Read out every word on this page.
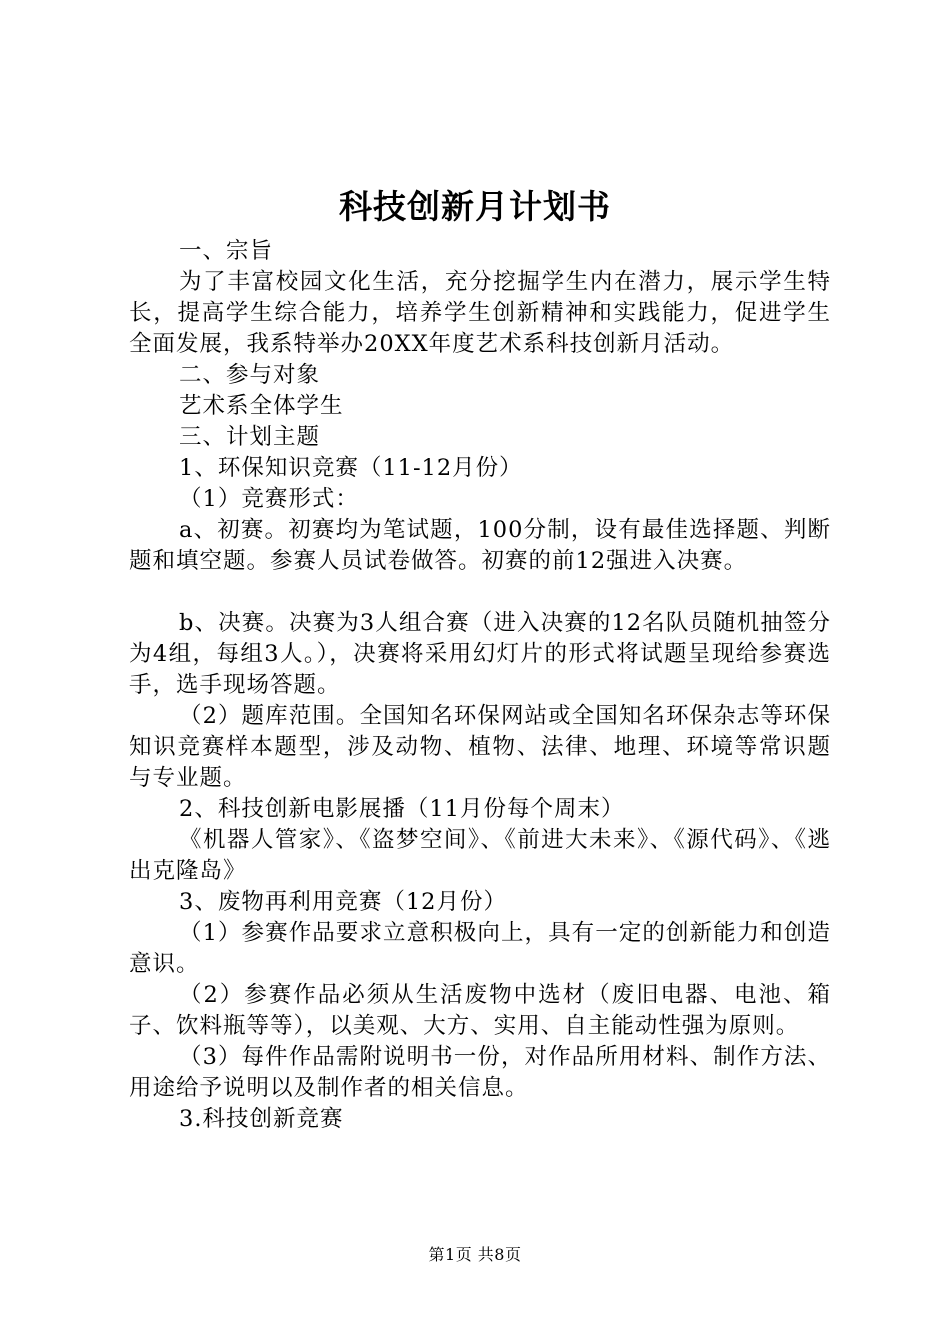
科技创新月计划书

一、宗旨

为了丰富校园文化生活，充分挖掘学生内在潜力，展示学生特长，提高学生综合能力，培养学生创新精神和实践能力，促进学生全面发展，我系特举办20XX年度艺术系科技创新月活动。

二、参与对象

艺术系全体学生

三、计划主题

1、环保知识竞赛（11-12月份）

（1）竞赛形式：

a、初赛。初赛均为笔试题，100分制，设有最佳选择题、判断题和填空题。参赛人员试卷做答。初赛的前12强进入决赛。

b、决赛。决赛为3人组合赛（进入决赛的12名队员随机抽签分为4组，每组3人。），决赛将采用幻灯片的形式将试题呈现给参赛选手，选手现场答题。

（2）题库范围。全国知名环保网站或全国知名环保杂志等环保知识竞赛样本题型，涉及动物、植物、法律、地理、环境等常识题与专业题。

2、科技创新电影展播（11月份每个周末）

《机器人管家》、《盗梦空间》、《前进大未来》、《源代码》、《逃出克隆岛》

3、废物再利用竞赛（12月份）

（1）参赛作品要求立意积极向上，具有一定的创新能力和创造意识。

（2）参赛作品必须从生活废物中选材（废旧电器、电池、箱子、饮料瓶等等），以美观、大方、实用、自主能动性强为原则。

（3）每件作品需附说明书一份，对作品所用材料、制作方法、用途给予说明以及制作者的相关信息。

3.科技创新竞赛

第1页 共8页
